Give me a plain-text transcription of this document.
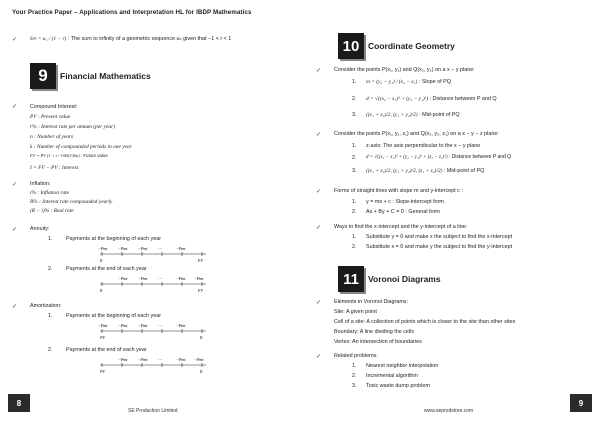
Your Practice Paper – Applications and Interpretation HL for IBDP Mathematics
✓ S∞ = u₁ / (1 − r) : The sum to infinity of a geometric sequence uₙ given that −1 < r < 1
9	Financial Mathematics
✓ Compound Interest:
PV : Present value
r% : Interest rate per annum (per year)
n : Number of years
k : Number of compounded periods in one year
FV = PV (1 + r / 100k)^(kn) : Future value
I = FV − PV : Interest
✓ Inflation:
i% : Inflation rate
R% : Interest rate compounded yearly
(R − i)% : Real rate
✓ Annuity:
1.	Payments at the beginning of each year
−Pmt −Pmt −Pmt ···	−Pmt
0	FV
2.	Payments at the end of each year
−Pmt −Pmt ···	−Pmt −Pmt
0	FV
✓ Amortization:
1.	Payments at the beginning of each year
−Pmt −Pmt −Pmt ···	−Pmt
PV	0
2.	Payments at the end of each year
−Pmt −Pmt ···	−Pmt −Pmt
PV	0
8
SE Production Limited
10	Coordinate Geometry
✓ Consider the points P(x₁, y₁) and Q(x₂, y₂) on a x − y plane:
1. m = (y₂ − y₁) / (x₂ − x₁) : Slope of PQ
2. d = √((x₂ − x₁)² + (y₂ − y₁)²) : Distance between P and Q
3. ((x₁ + x₂)/2, (y₁ + y₂)/2) : Mid-point of PQ
✓ Consider the points P(x₁, y₁, z₁) and Q(x₂, y₂, z₂) on a x − y − z plane:
1. z-axis: The axis perpendicular to the x − y plane
2. d = √((x₂ − x₁)² + (y₂ − y₁)² + (z₂ − z₁)²) : Distance between P and Q
3. ((x₁ + x₂)/2, (y₁ + y₂)/2, (z₁ + z₂)/2) : Mid-point of PQ
✓ Forms of straight lines with slope m and y-intercept c :
1. y = mx + c : Slope-intercept form
2. Ax + By + C = 0 : General form
✓ Ways to find the x-intercept and the y-intercept of a line:
1. Substitute y = 0 and make x the subject to find the x-intercept
2. Substitute x = 0 and make y the subject to find the y-intercept
11	Voronoi Diagrams
✓ Elements in Voronoi Diagrams:
Site: A given point
Cell of a site: A collection of points which is closer to the site than other sites
Boundary: A line dividing the cells
Vertex: An intersection of boundaries
✓ Related problems:
1. Nearest neighbor interpolation
2. Incremental algorithm
3. Toxic waste dump problem
www.seprodstore.com
9
